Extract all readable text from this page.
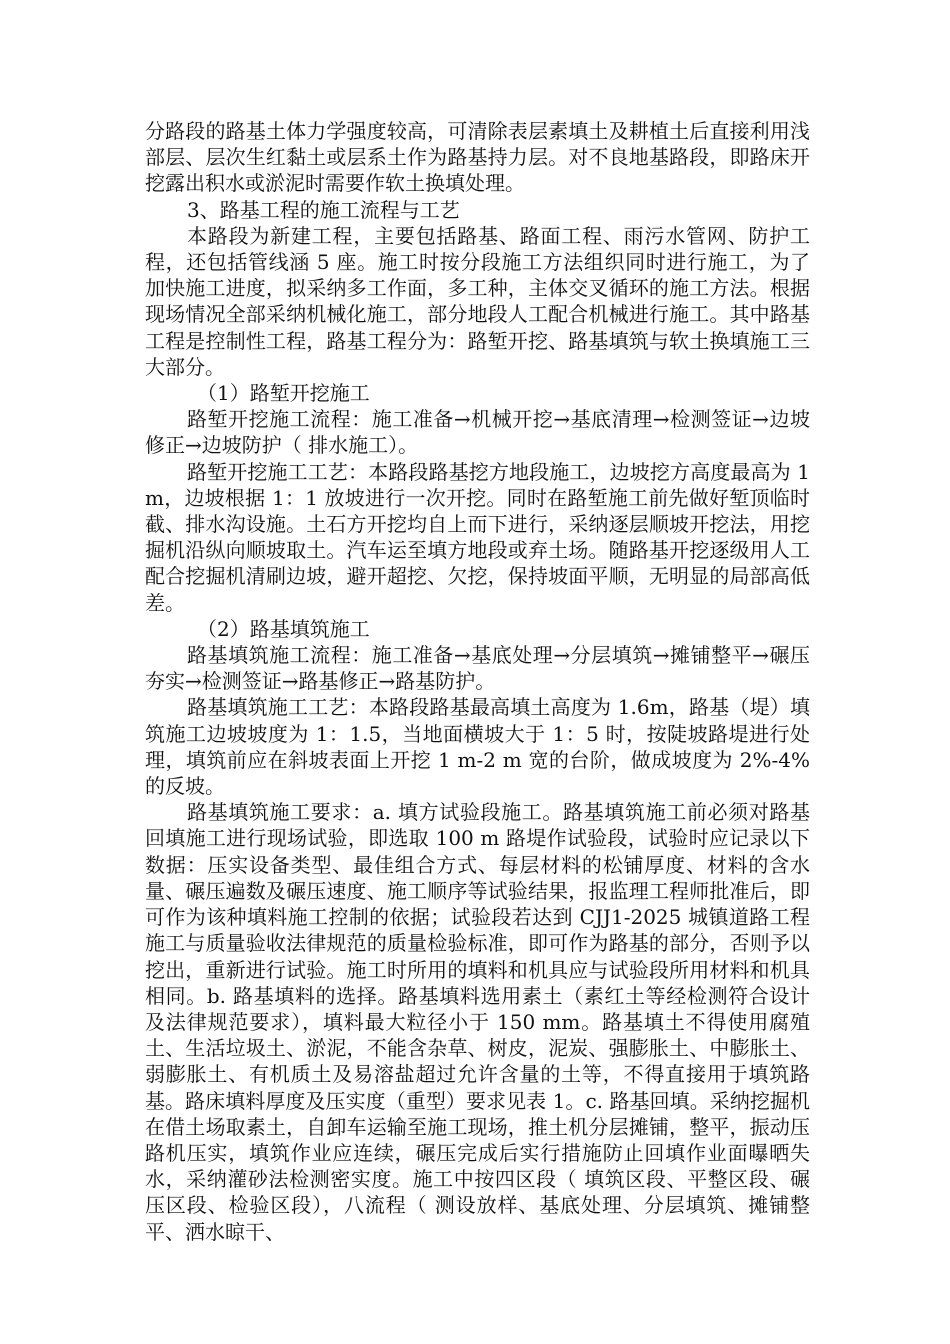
分路段的路基土体力学强度较高，可清除表层素填土及耕植土后直接利用浅部层、层次生红黏土或层系土作为路基持力层。对不良地基路段，即路床开挖露出积水或淤泥时需要作软土换填处理。

3、路基工程的施工流程与工艺

本路段为新建工程，主要包括路基、路面工程、雨污水管网、防护工程，还包括管线涵 5 座。施工时按分段施工方法组织同时进行施工，为了加快施工进度，拟采纳多工作面，多工种，主体交叉循环的施工方法。根据现场情况全部采纳机械化施工，部分地段人工配合机械进行施工。其中路基工程是控制性工程，路基工程分为：路堑开挖、路基填筑与软土换填施工三大部分。

（1）路堑开挖施工

路堑开挖施工流程：施工准备→机械开挖→基底清理→检测签证→边坡修正→边坡防护（ 排水施工）。

路堑开挖施工工艺：本路段路基挖方地段施工，边坡挖方高度最高为 1m，边坡根据 1：1 放坡进行一次开挖。同时在路堑施工前先做好堑顶临时截、排水沟设施。土石方开挖均自上而下进行，采纳逐层顺坡开挖法，用挖掘机沿纵向顺坡取土。汽车运至填方地段或弃土场。随路基开挖逐级用人工配合挖掘机清刷边坡，避开超挖、欠挖，保持坡面平顺，无明显的局部高低差。

（2）路基填筑施工

路基填筑施工流程：施工准备→基底处理→分层填筑→摊铺整平→碾压夯实→检测签证→路基修正→路基防护。

路基填筑施工工艺：本路段路基最高填土高度为 1.6m，路基（堤）填筑施工边坡坡度为 1：1.5，当地面横坡大于 1：5 时，按陡坡路堤进行处理，填筑前应在斜坡表面上开挖 1 m-2 m 宽的台阶，做成坡度为 2%-4%的反坡。

路基填筑施工要求：a. 填方试验段施工。路基填筑施工前必须对路基回填施工进行现场试验，即选取 100 m 路堤作试验段，试验时应记录以下数据：压实设备类型、最佳组合方式、每层材料的松铺厚度、材料的含水量、碾压遍数及碾压速度、施工顺序等试验结果，报监理工程师批准后，即可作为该种填料施工控制的依据；试验段若达到 CJJ1-2025 城镇道路工程施工与质量验收法律规范的质量检验标准，即可作为路基的部分，否则予以挖出，重新进行试验。施工时所用的填料和机具应与试验段所用材料和机具相同。b. 路基填料的选择。路基填料选用素土（素红土等经检测符合设计及法律规范要求），填料最大粒径小于 150 mm。路基填土不得使用腐殖土、生活垃圾土、淤泥，不能含杂草、树皮，泥炭、强膨胀土、中膨胀土、弱膨胀土、有机质土及易溶盐超过允许含量的土等，不得直接用于填筑路基。路床填料厚度及压实度（重型）要求见表 1。c. 路基回填。采纳挖掘机在借土场取素土，自卸车运输至施工现场，推土机分层摊铺，整平，振动压路机压实，填筑作业应连续，碾压完成后实行措施防止回填作业面曝晒失水，采纳灌砂法检测密实度。施工中按四区段（ 填筑区段、平整区段、碾压区段、检验区段），八流程（ 测设放样、基底处理、分层填筑、摊铺整平、洒水晾干、
